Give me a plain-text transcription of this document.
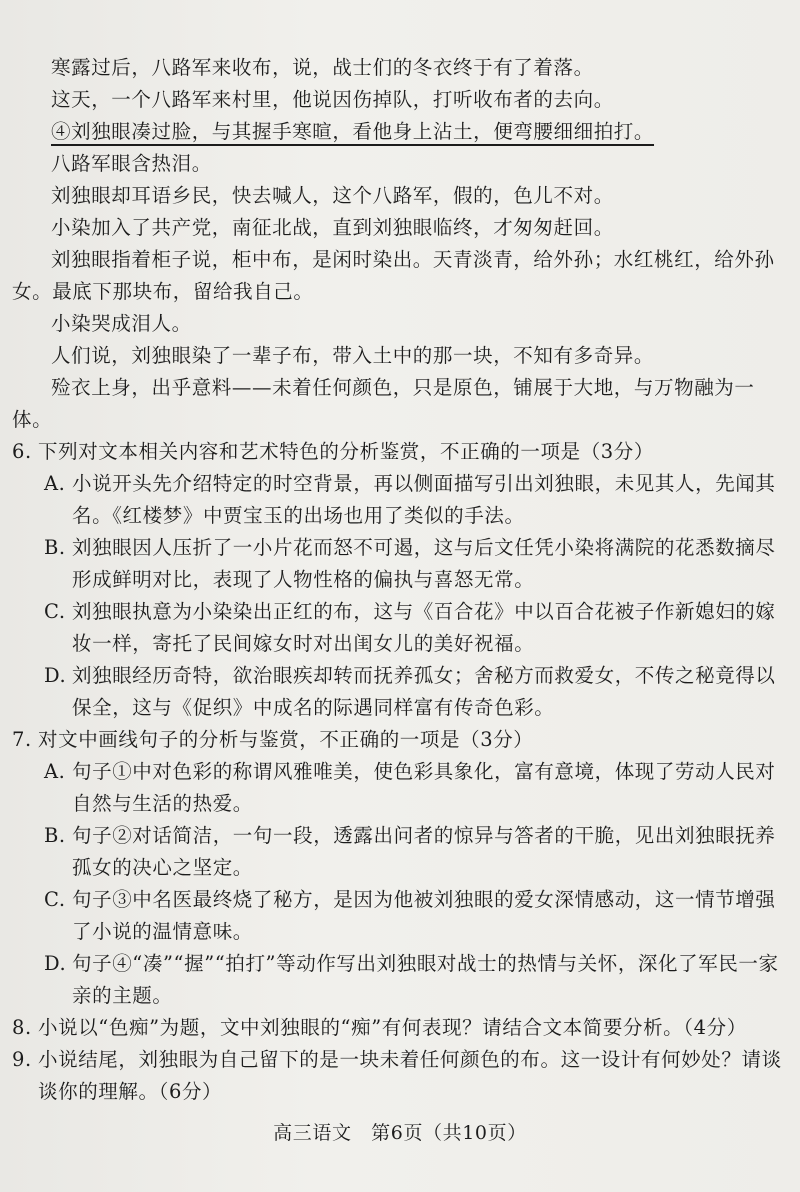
寒露过后，八路军来收布，说，战士们的冬衣终于有了着落。

这天，一个八路军来村里，他说因伤掉队，打听收布者的去向。

④刘独眼凑过脸，与其握手寒暄，看他身上沾土，便弯腰细细拍打。

八路军眼含热泪。

刘独眼却耳语乡民，快去喊人，这个八路军，假的，色儿不对。

小染加入了共产党，南征北战，直到刘独眼临终，才匆匆赶回。

刘独眼指着柜子说，柜中布，是闲时染出。天青淡青，给外孙；水红桃红，给外孙女。最底下那块布，留给我自己。

小染哭成泪人。

人们说，刘独眼染了一辈子布，带入土中的那一块，不知有多奇异。

殓衣上身，出乎意料——未着任何颜色，只是原色，铺展于大地，与万物融为一体。

6. 下列对文本相关内容和艺术特色的分析鉴赏，不正确的一项是（3分）

A. 小说开头先介绍特定的时空背景，再以侧面描写引出刘独眼，未见其人，先闻其名。《红楼梦》中贾宝玉的出场也用了类似的手法。

B. 刘独眼因人压折了一小片花而怒不可遏，这与后文任凭小染将满院的花悉数摘尽形成鲜明对比，表现了人物性格的偏执与喜怒无常。

C. 刘独眼执意为小染染出正红的布，这与《百合花》中以百合花被子作新媳妇的嫁妆一样，寄托了民间嫁女时对出闺女儿的美好祝福。

D. 刘独眼经历奇特，欲治眼疾却转而抚养孤女；舍秘方而救爱女，不传之秘竟得以保全，这与《促织》中成名的际遇同样富有传奇色彩。

7. 对文中画线句子的分析与鉴赏，不正确的一项是（3分）

A. 句子①中对色彩的称谓风雅唯美，使色彩具象化，富有意境，体现了劳动人民对自然与生活的热爱。

B. 句子②对话简洁，一句一段，透露出问者的惊异与答者的干脆，见出刘独眼抚养孤女的决心之坚定。

C. 句子③中名医最终烧了秘方，是因为他被刘独眼的爱女深情感动，这一情节增强了小说的温情意味。

D. 句子④“凑”“握”“拍打”等动作写出刘独眼对战士的热情与关怀，深化了军民一家亲的主题。

8. 小说以“色痴”为题，文中刘独眼的“痴”有何表现？请结合文本简要分析。（4分）

9. 小说结尾，刘独眼为自己留下的是一块未着任何颜色的布。这一设计有何妙处？请谈谈你的理解。（6分）

高三语文　第6页（共10页）
